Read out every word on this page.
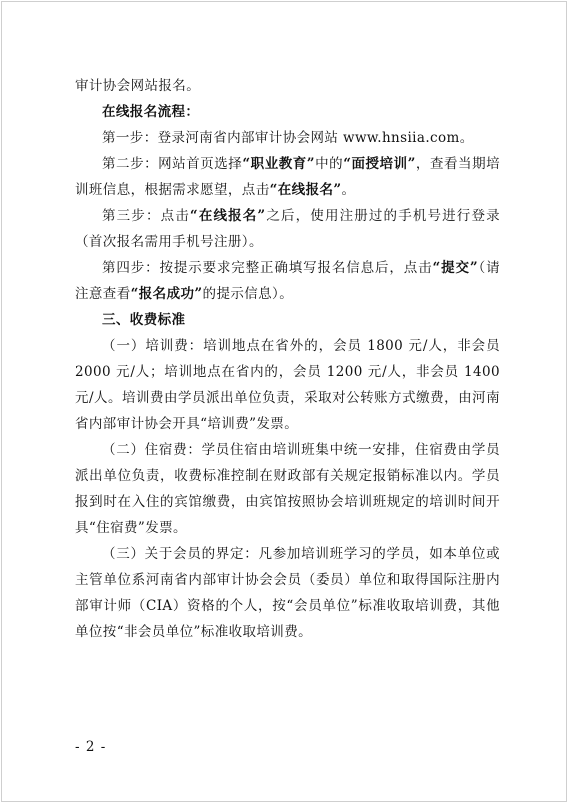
审计协会网站报名。

在线报名流程：

第一步：登录河南省内部审计协会网站 www.hnsiia.com。

第二步：网站首页选择“职业教育”中的“面授培训”，查看当期培训班信息，根据需求愿望，点击“在线报名”。

第三步：点击“在线报名”之后，使用注册过的手机号进行登录（首次报名需用手机号注册）。

第四步：按提示要求完整正确填写报名信息后，点击“提交”（请注意查看“报名成功”的提示信息）。

三、收费标准

（一）培训费：培训地点在省外的，会员 1800 元/人，非会员 2000 元/人；培训地点在省内的，会员 1200 元/人，非会员 1400 元/人。培训费由学员派出单位负责，采取对公转账方式缴费，由河南省内部审计协会开具“培训费”发票。

（二）住宿费：学员住宿由培训班集中统一安排，住宿费由学员派出单位负责，收费标准控制在财政部有关规定报销标准以内。学员报到时在入住的宾馆缴费，由宾馆按照协会培训班规定的培训时间开具“住宿费”发票。

（三）关于会员的界定：凡参加培训班学习的学员，如本单位或主管单位系河南省内部审计协会会员（委员）单位和取得国际注册内部审计师（CIA）资格的个人，按“会员单位”标准收取培训费，其他单位按“非会员单位”标准收取培训费。

- 2 -
